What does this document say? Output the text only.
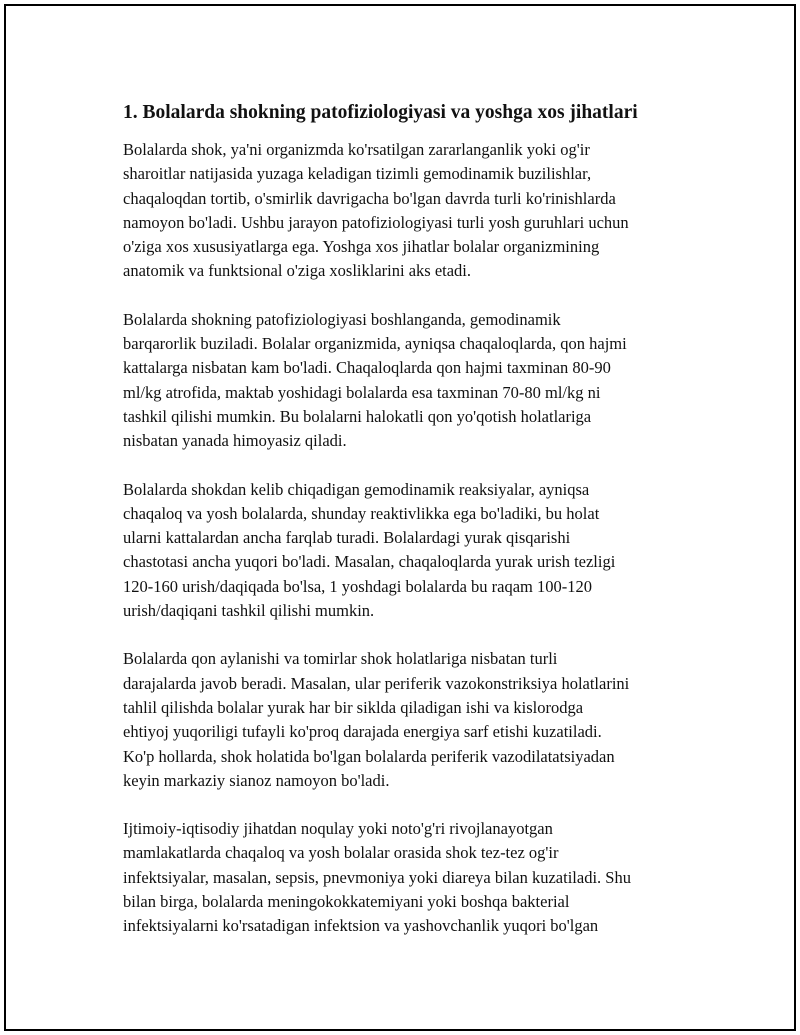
1. Bolalarda shokning patofiziologiyasi va yoshga xos jihatlari
Bolalarda shok, ya'ni organizmda ko'rsatilgan zararlanganlik yoki og'ir
sharoitlar natijasida yuzaga keladigan tizimli gemodinamik buzilishlar,
chaqaloqdan tortib, o'smirlik davrigacha bo'lgan davrda turli ko'rinishlarda
namoyon bo'ladi. Ushbu jarayon patofiziologiyasi turli yosh guruhlari uchun
o'ziga xos xususiyatlarga ega. Yoshga xos jihatlar bolalar organizmining
anatomik va funktsional o'ziga xosliklarini aks etadi.
Bolalarda shokning patofiziologiyasi boshlanganda, gemodinamik
barqarorlik buziladi. Bolalar organizmida, ayniqsa chaqaloqlarda, qon hajmi
kattalarga nisbatan kam bo'ladi. Chaqaloqlarda qon hajmi taxminan 80-90
ml/kg atrofida, maktab yoshidagi bolalarda esa taxminan 70-80 ml/kg ni
tashkil qilishi mumkin. Bu bolalarni halokatli qon yo'qotish holatlariga
nisbatan yanada himoyasiz qiladi.
Bolalarda shokdan kelib chiqadigan gemodinamik reaksiyalar, ayniqsa
chaqaloq va yosh bolalarda, shunday reaktivlikka ega bo'ladiki, bu holat
ularni kattalardan ancha farqlab turadi. Bolalardagi yurak qisqarishi
chastotasi ancha yuqori bo'ladi. Masalan, chaqaloqlarda yurak urish tezligi
120-160 urish/daqiqada bo'lsa, 1 yoshdagi bolalarda bu raqam 100-120
urish/daqiqani tashkil qilishi mumkin.
Bolalarda qon aylanishi va tomirlar shok holatlariga nisbatan turli
darajalarda javob beradi. Masalan, ular periferik vazokonstriksiya holatlarini
tahlil qilishda bolalar yurak har bir siklda qiladigan ishi va kislorodga
ehtiyoj yuqoriligi tufayli ko'proq darajada energiya sarf etishi kuzatiladi.
Ko'p hollarda, shok holatida bo'lgan bolalarda periferik vazodilatatsiyadan
keyin markaziy sianoz namoyon bo'ladi.
Ijtimoiy-iqtisodiy jihatdan noqulay yoki noto'g'ri rivojlanayotgan
mamlakatlarda chaqaloq va yosh bolalar orasida shok tez-tez og'ir
infektsiyalar, masalan, sepsis, pnevmoniya yoki diareya bilan kuzatiladi. Shu
bilan birga, bolalarda meningokokkatemiyani yoki boshqa bakterial
infektsiyalarni ko'rsatadigan infektsion va yashovchanlik yuqori bo'lgan
